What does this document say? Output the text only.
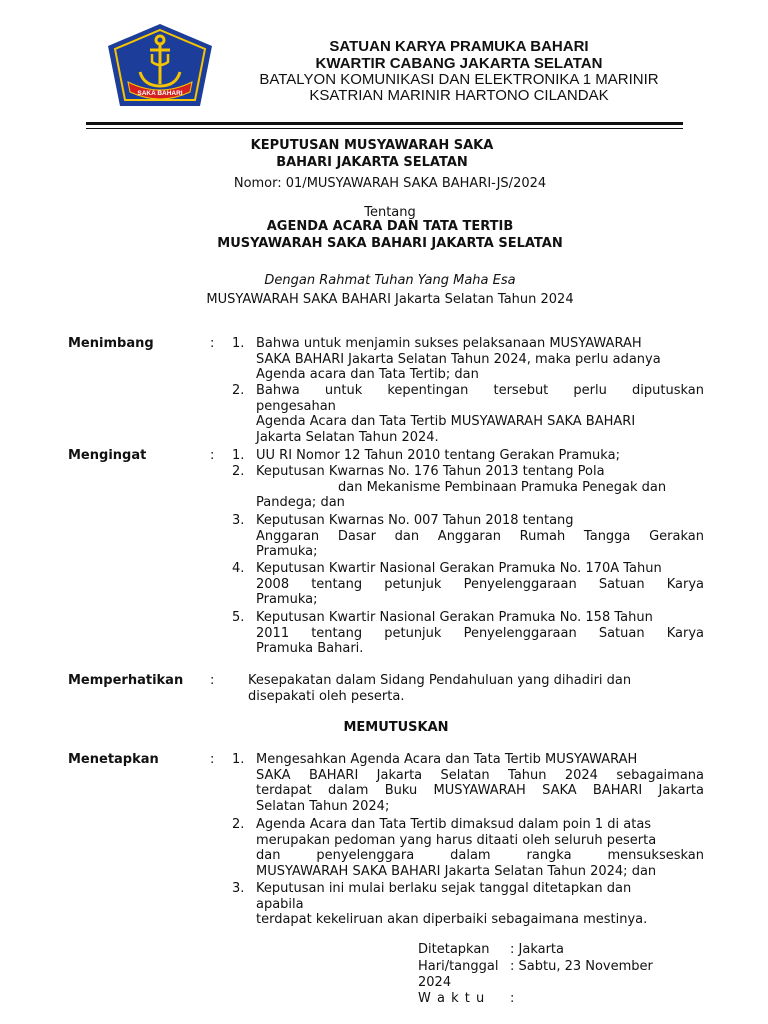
SAKA BAHARI
SATUAN KARYA PRAMUKA BAHARI
KWARTIR CABANG JAKARTA SELATAN
BATALYON KOMUNIKASI DAN ELEKTRONIKA 1 MARINIR
KSATRIAN MARINIR HARTONO CILANDAK
KEPUTUSAN MUSYAWARAH SAKA
BAHARI JAKARTA SELATAN
Nomor: 01/MUSYAWARAH SAKA BAHARI-JS/2024
Tentang
AGENDA ACARA DAN TATA TERTIB
MUSYAWARAH SAKA BAHARI JAKARTA SELATAN
Dengan Rahmat Tuhan Yang Maha Esa
MUSYAWARAH SAKA BAHARI Jakarta Selatan Tahun 2024
Menimbang	: 1. Bahwa untuk menjamin sukses pelaksanaan MUSYAWARAH
SAKA BAHARI Jakarta Selatan Tahun 2024, maka perlu adanya
Agenda acara dan Tata Tertib; dan
2. Bahwa untuk kepentingan tersebut perlu diputuskan
pengesahan
Agenda Acara dan Tata Tertib MUSYAWARAH SAKA BAHARI
Jakarta Selatan Tahun 2024.
Mengingat	: 1. UU RI Nomor 12 Tahun 2010 tentang Gerakan Pramuka;
2. Keputusan Kwarnas No. 176 Tahun 2013 tentang Pola
dan Mekanisme Pembinaan Pramuka Penegak dan
Pandega; dan
3. Keputusan Kwarnas No. 007 Tahun 2018 tentang
Anggaran Dasar dan Anggaran Rumah Tangga Gerakan
Pramuka;
4. Keputusan Kwartir Nasional Gerakan Pramuka No. 170A Tahun
2008 tentang petunjuk Penyelenggaraan Satuan Karya
Pramuka;
5. Keputusan Kwartir Nasional Gerakan Pramuka No. 158 Tahun
2011 tentang petunjuk Penyelenggaraan Satuan Karya
Pramuka Bahari.
Memperhatikan :	Kesepakatan dalam Sidang Pendahuluan yang dihadiri dan
disepakati oleh peserta.
MEMUTUSKAN
Menetapkan	: 1. Mengesahkan Agenda Acara dan Tata Tertib MUSYAWARAH
SAKA BAHARI Jakarta Selatan Tahun 2024 sebagaimana
terdapat dalam Buku MUSYAWARAH SAKA BAHARI Jakarta
Selatan Tahun 2024;
2. Agenda Acara dan Tata Tertib dimaksud dalam poin 1 di atas
merupakan pedoman yang harus ditaati oleh seluruh peserta
dan penyelenggara dalam rangka mensukseskan
MUSYAWARAH SAKA BAHARI Jakarta Selatan Tahun 2024; dan
3. Keputusan ini mulai berlaku sejak tanggal ditetapkan dan
apabila
terdapat kekeliruan akan diperbaiki sebagaimana mestinya.
Ditetapkan : Jakarta
Hari/tanggal : Sabtu, 23 November
2024
W a k t u :
